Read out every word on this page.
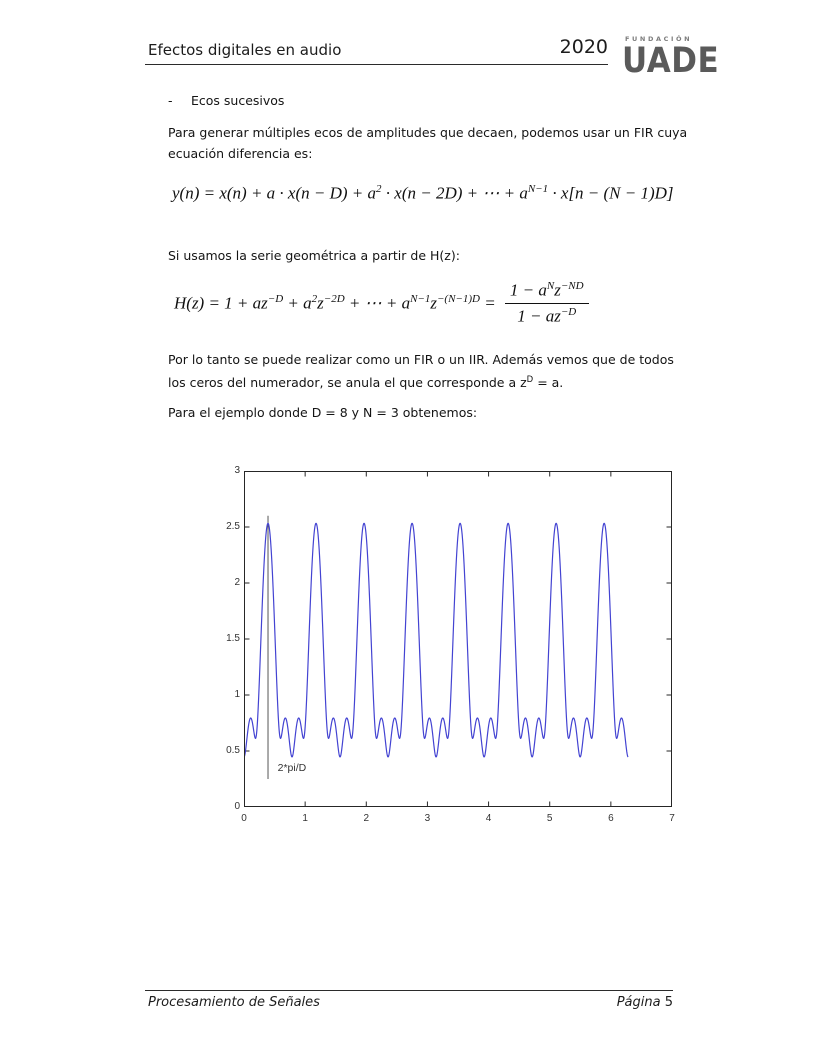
Efectos digitales en audio	2020	FUNDACIÓN
UADE
- Ecos sucesivos
Para generar múltiples ecos de amplitudes que decaen, podemos usar un FIR cuya
ecuación diferencia es:
$y(n) = x(n) + a \cdot x(n - D) + a^2 \cdot x(n - 2D)$ + ⋯ + $a^{N-1} \cdot x[n - (N - 1)D]$
Si usamos la serie geométrica a partir de H(z):
$H(z) = 1 + az^{-D} + a^2z^{-2D}$ + ⋯ + $a^{N-1}z^{-(N-1)D} = \frac{1 - a^Nz^{-ND}}{1 - az^{-D}}$
Por lo tanto se puede realizar como un FIR o un IIR. Además vemos que de todos
los ceros del numerador, se anula el que corresponde a $z^D = a$.
Para el ejemplo donde D = 8 y N = 3 obtenemos:
0	1	2	3	4	5	6	7
0
0.5
1
1.5
2
2.5
3
2*pi/D
Procesamiento de Señales	Página 5
